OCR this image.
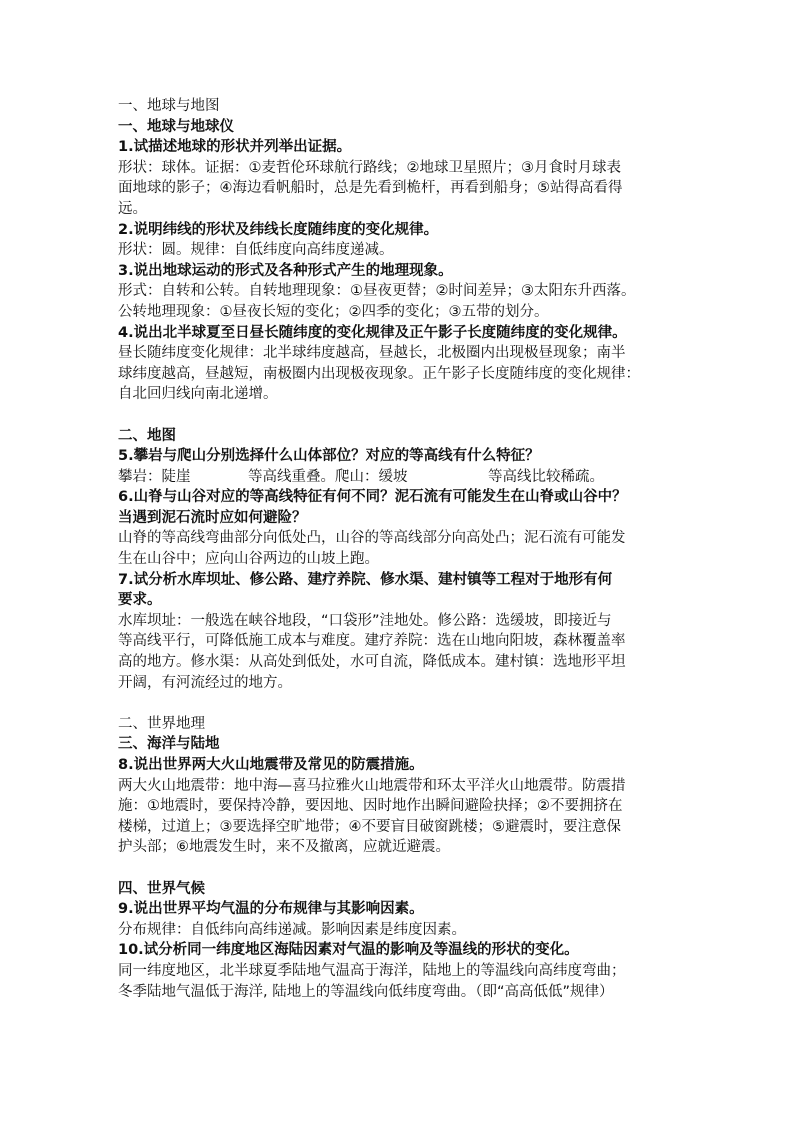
一、地球与地图
一、地球与地球仪
1.试描述地球的形状并列举出证据。
形状：球体。证据：①麦哲伦环球航行路线；②地球卫星照片；③月食时月球表
面地球的影子；④海边看帆船时，总是先看到桅杆，再看到船身；⑤站得高看得
远。
2.说明纬线的形状及纬线长度随纬度的变化规律。
形状：圆。规律：自低纬度向高纬度递减。
3.说出地球运动的形式及各种形式产生的地理现象。
形式：自转和公转。自转地理现象：①昼夜更替；②时间差异；③太阳东升西落。
公转地理现象：①昼夜长短的变化；②四季的变化；③五带的划分。
4.说出北半球夏至日昼长随纬度的变化规律及正午影子长度随纬度的变化规律。
昼长随纬度变化规律：北半球纬度越高，昼越长，北极圈内出现极昼现象；南半
球纬度越高，昼越短，南极圈内出现极夜现象。正午影子长度随纬度的变化规律：
自北回归线向南北递增。
二、地图
5.攀岩与爬山分别选择什么山体部位？对应的等高线有什么特征？
攀岩：陡崖	等高线重叠。爬山：缓坡	等高线比较稀疏。
6.山脊与山谷对应的等高线特征有何不同？泥石流有可能发生在山脊或山谷中？
当遇到泥石流时应如何避险？
山脊的等高线弯曲部分向低处凸，山谷的等高线部分向高处凸；泥石流有可能发
生在山谷中；应向山谷两边的山坡上跑。
7.试分析水库坝址、修公路、建疗养院、修水渠、建村镇等工程对于地形有何
要求。
水库坝址：一般选在峡谷地段，“口袋形”洼地处。修公路：选缓坡，即接近与
等高线平行，可降低施工成本与难度。建疗养院：选在山地向阳坡，森林覆盖率
高的地方。修水渠：从高处到低处，水可自流，降低成本。建村镇：选地形平坦
开阔，有河流经过的地方。
二、世界地理
三、海洋与陆地
8.说出世界两大火山地震带及常见的防震措施。
两大火山地震带：地中海—喜马拉雅火山地震带和环太平洋火山地震带。防震措
施：①地震时，要保持冷静，要因地、因时地作出瞬间避险抉择；②不要拥挤在
楼梯，过道上；③要选择空旷地带；④不要盲目破窗跳楼；⑤避震时，要注意保
护头部；⑥地震发生时，来不及撤离，应就近避震。
四、世界气候
9.说出世界平均气温的分布规律与其影响因素。
分布规律：自低纬向高纬递减。影响因素是纬度因素。
10.试分析同一纬度地区海陆因素对气温的影响及等温线的形状的变化。
同一纬度地区，北半球夏季陆地气温高于海洋，陆地上的等温线向高纬度弯曲；
冬季陆地气温低于海洋, 陆地上的等温线向低纬度弯曲。（即“高高低低”规律）
